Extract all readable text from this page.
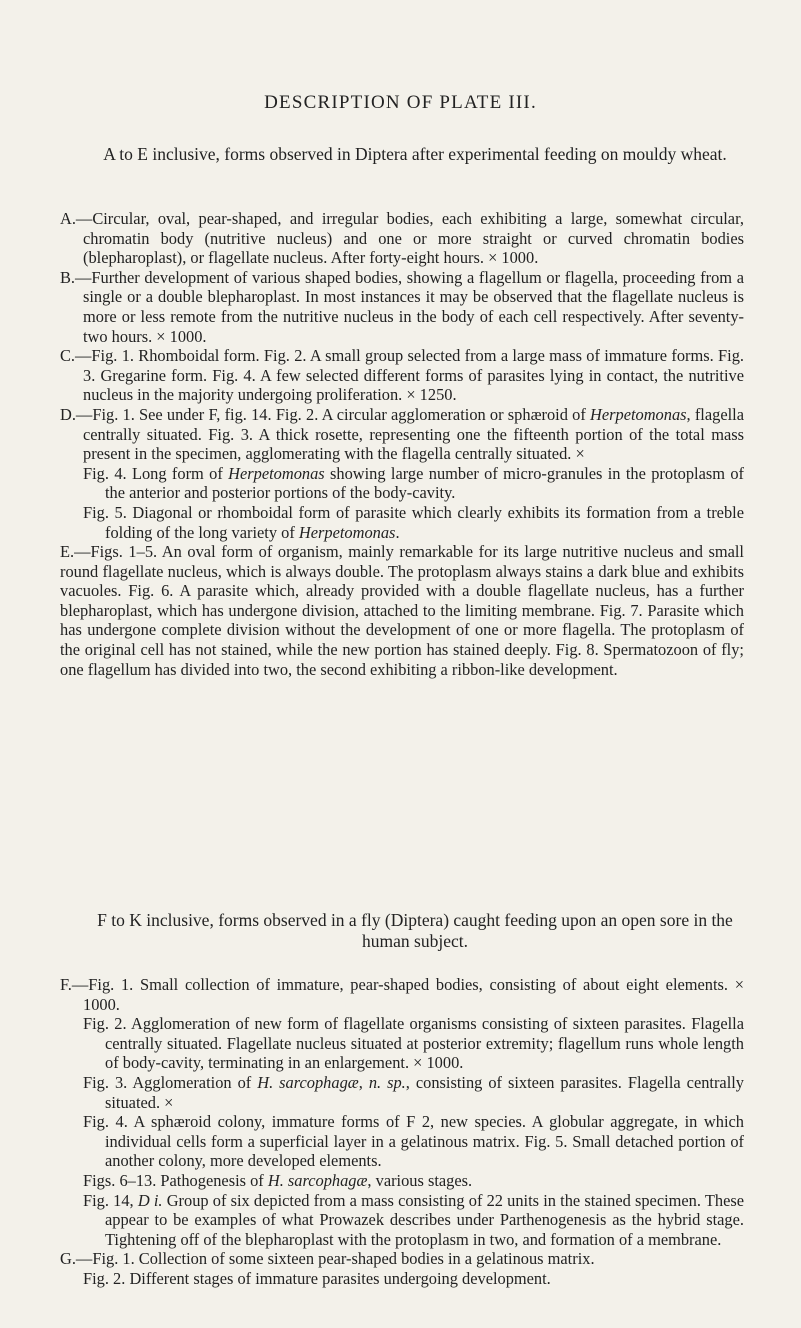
DESCRIPTION OF PLATE III.
A to E inclusive, forms observed in Diptera after experimental feeding on mouldy wheat.

A.—Circular, oval, pear-shaped, and irregular bodies, each exhibiting a large, somewhat circular, chromatin body (nutritive nucleus) and one or more straight or curved chromatin bodies (blepharoplast), or flagellate nucleus. After forty-eight hours. × 1000.

B.—Further development of various shaped bodies, showing a flagellum or flagella, proceeding from a single or a double blepharoplast. In most instances it may be observed that the flagellate nucleus is more or less remote from the nutritive nucleus in the body of each cell respectively. After seventy-two hours. × 1000.

C.—Fig. 1. Rhomboidal form. Fig. 2. A small group selected from a large mass of immature forms. Fig. 3. Gregarine form. Fig. 4. A few selected different forms of parasites lying in contact, the nutritive nucleus in the majority undergoing proliferation. × 1250.

D.—Fig. 1. See under F, fig. 14. Fig. 2. A circular agglomeration or sphæroid of Herpetomonas, flagella centrally situated. Fig. 3. A thick rosette, representing one the fifteenth portion of the total mass present in the specimen, agglomerating with the flagella centrally situated. ×

Fig. 4. Long form of Herpetomonas showing large number of micro-granules in the protoplasm of the anterior and posterior portions of the body-cavity.

Fig. 5. Diagonal or rhomboidal form of parasite which clearly exhibits its formation from a treble folding of the long variety of Herpetomonas.

E.—Figs. 1–5. An oval form of organism, mainly remarkable for its large nutritive nucleus and small round flagellate nucleus, which is always double. The protoplasm always stains a dark blue and exhibits vacuoles. Fig. 6. A parasite which, already provided with a double flagellate nucleus, has a further blepharoplast, which has undergone division, attached to the limiting membrane. Fig. 7. Parasite which has undergone complete division without the development of one or more flagella. The protoplasm of the original cell has not stained, while the new portion has stained deeply. Fig. 8. Spermatozoon of fly; one flagellum has divided into two, the second exhibiting a ribbon-like development.

F to K inclusive, forms observed in a fly (Diptera) caught feeding upon an open sore in the human subject.

F.—Fig. 1. Small collection of immature, pear-shaped bodies, consisting of about eight elements. × 1000.

Fig. 2. Agglomeration of new form of flagellate organisms consisting of sixteen parasites. Flagella centrally situated. Flagellate nucleus situated at posterior extremity; flagellum runs whole length of body-cavity, terminating in an enlargement. × 1000.

Fig. 3. Agglomeration of H. sarcophagæ, n. sp., consisting of sixteen parasites. Flagella centrally situated. ×

Fig. 4. A sphæroid colony, immature forms of F 2, new species. A globular aggregate, in which individual cells form a superficial layer in a gelatinous matrix. Fig. 5. Small detached portion of another colony, more developed elements.

Figs. 6–13. Pathogenesis of H. sarcophagæ, various stages.

Fig. 14, D i. Group of six depicted from a mass consisting of 22 units in the stained specimen. These appear to be examples of what Prowazek describes under Parthenogenesis as the hybrid stage. Tightening off of the blepharoplast with the protoplasm in two, and formation of a membrane.

G.—Fig. 1. Collection of some sixteen pear-shaped bodies in a gelatinous matrix.

Fig. 2. Different stages of immature parasites undergoing development.
